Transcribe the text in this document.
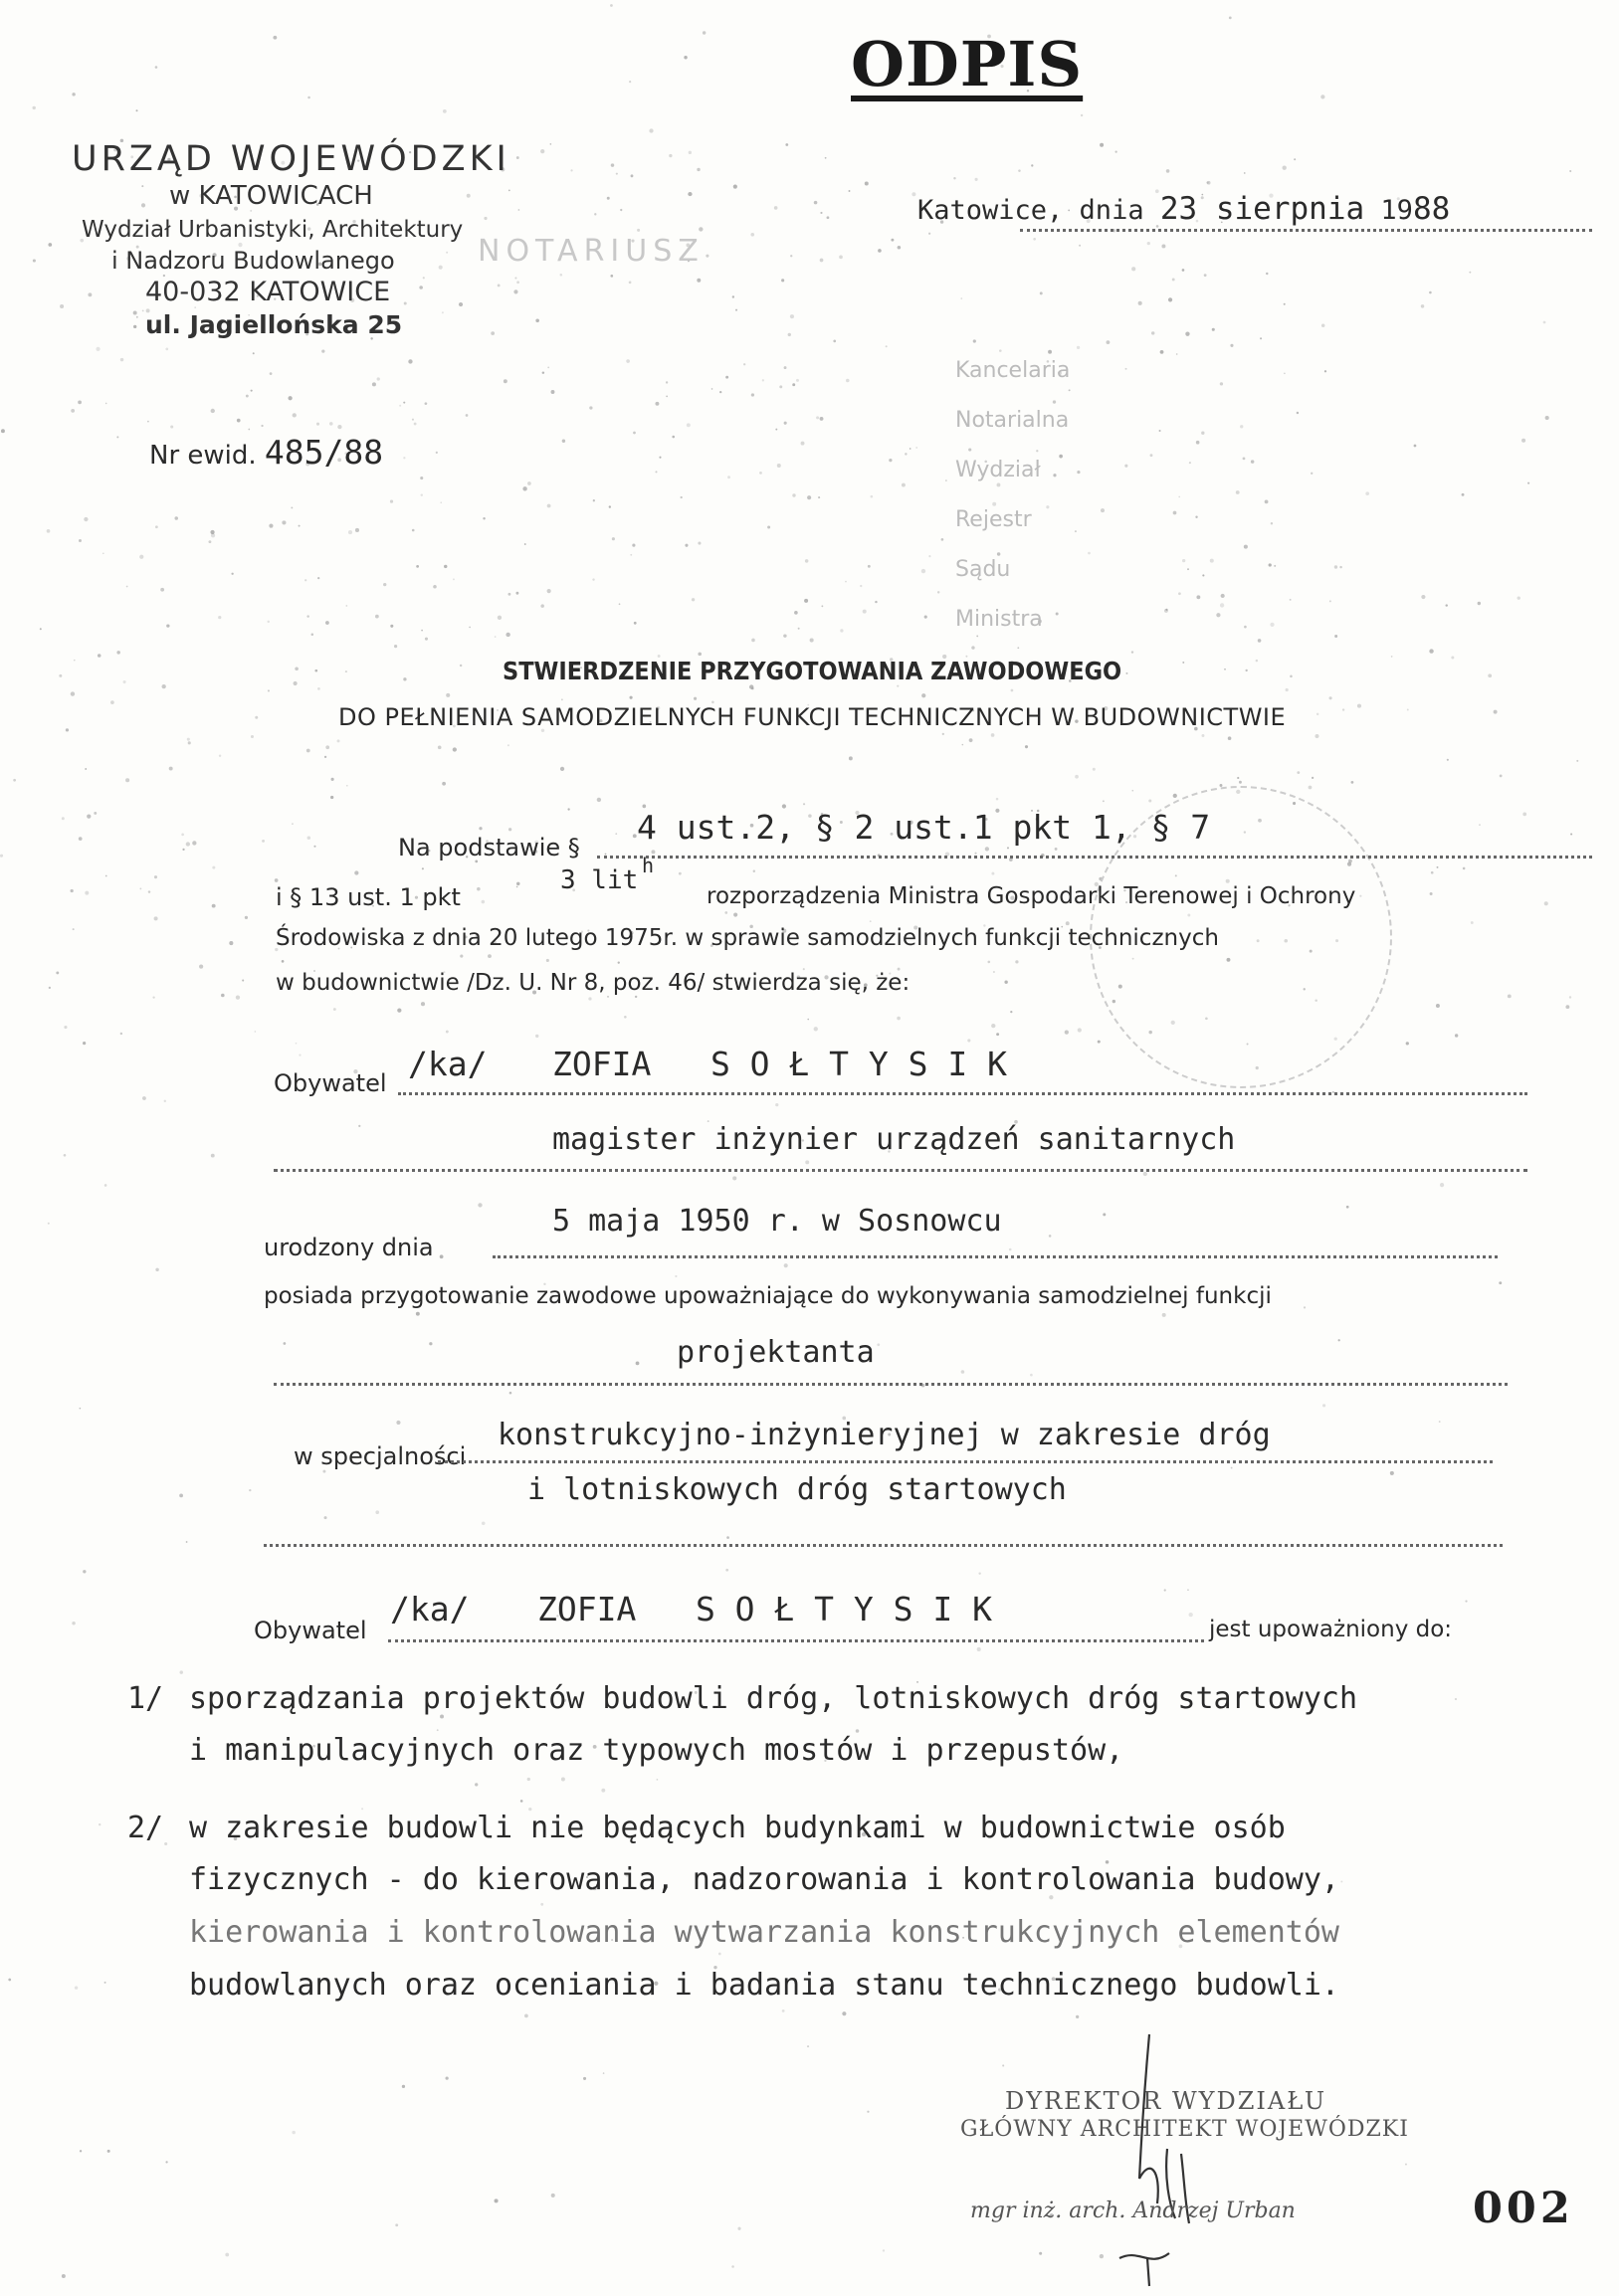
NOTARIUSZ
Kancelaria
Notarialna
Wydział
Rejestr
Sądu
Ministra
ODPIS
URZĄD WOJEWÓDZKI
w KATOWICACH
Wydział Urbanistyki, Architektury
i Nadzoru Budowlanego
40-032 KATOWICE
ul. Jagiellońska 25
Katowice, dnia 23 sierpnia 1988
Nr ewid. 485/88
STWIERDZENIE PRZYGOTOWANIA ZAWODOWEGO
DO PEŁNIENIA SAMODZIELNYCH FUNKCJI TECHNICZNYCH W BUDOWNICTWIE
Na podstawie §
4 ust.2, § 2 ust.1 pkt 1, § 7
h
3 lit
i § 13 ust. 1 pkt	rozporządzenia Ministra Gospodarki Terenowej i Ochrony
Środowiska z dnia 20 lutego 1975r. w sprawie samodzielnych funkcji technicznych
w budownictwie /Dz. U. Nr 8, poz. 46/ stwierdza się, że:
Obywatel /ka/ ZOFIA   S O Ł T Y S I K
magister inżynier urządzeń sanitarnych
urodzony dnia
5 maja 1950 r. w Sosnowcu
posiada przygotowanie zawodowe upoważniające do wykonywania samodzielnej funkcji
projektanta
w specjalności
konstrukcyjno-inżynieryjnej w zakresie dróg
i lotniskowych dróg startowych
Obywatel
/ka/ ZOFIA   S O Ł T Y S I K
jest upoważniony do:
1/ sporządzania projektów budowli dróg, lotniskowych dróg startowych
i manipulacyjnych oraz typowych mostów i przepustów,
2/ w zakresie budowli nie będących budynkami w budownictwie osób
fizycznych - do kierowania, nadzorowania i kontrolowania budowy,
kierowania i kontrolowania wytwarzania konstrukcyjnych elementów
budowlanych oraz oceniania i badania stanu technicznego budowli.
DYREKTOR WYDZIAŁU
GŁÓWNY ARCHITEKT WOJEWÓDZKI
mgr inż. arch. Andrzej Urban	002
